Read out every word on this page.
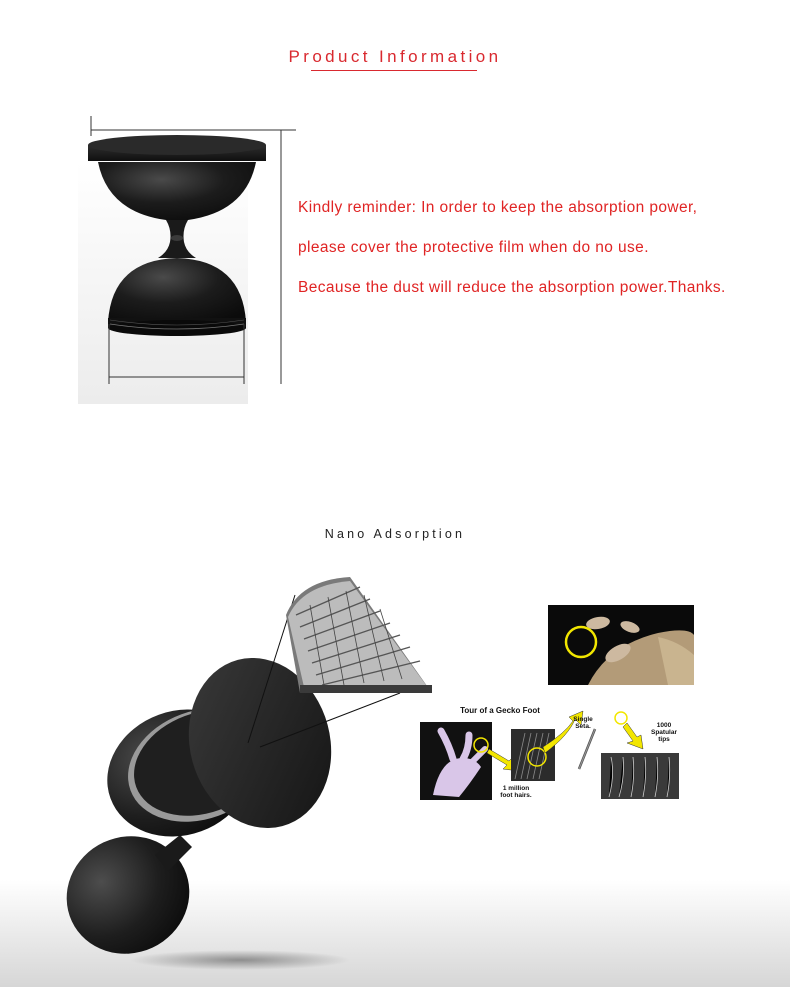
Product Information
Kindly reminder: In order to keep the absorption power,
please cover the protective film when do no use.
Because the dust will reduce the absorption power.Thanks.
Nano Adsorption
Tour of a Gecko Foot
1 million foot hairs.
Single Seta.	1000 Spatular tips
